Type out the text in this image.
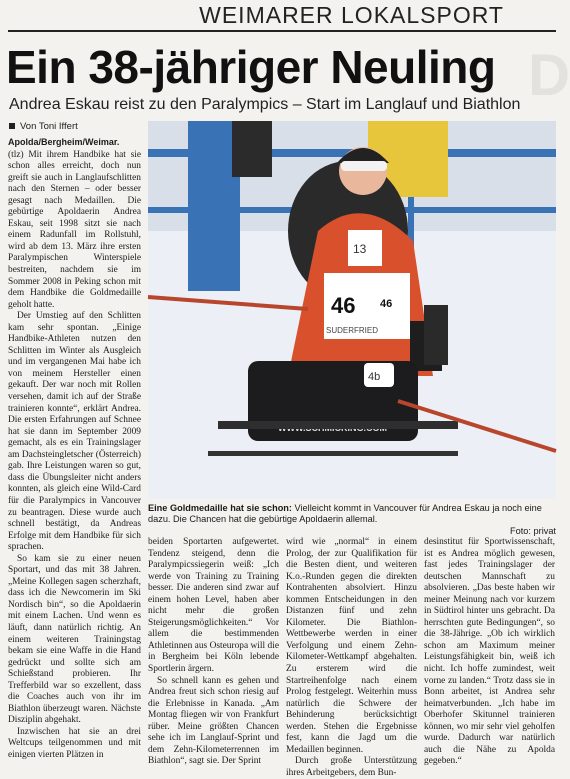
WEIMARER LOKALSPORT
D
Ein 38-jähriger Neuling
Andrea Eskau reist zu den Paralympics – Start im Langlauf und Biathlon
Von Toni Iffert

Apolda/Bergheim/Weimar.

(tlz) Mit ihrem Handbike hat sie schon alles erreicht, doch nun greift sie auch in Langlaufschlitten nach den Sternen – oder besser gesagt nach Medaillen. Die gebürtige Apoldaerin Andrea Eskau, seit 1998 sitzt sie nach einem Radunfall im Rollstuhl, wird ab dem 13. März ihre ersten Paralympischen Winterspiele bestreiten, nachdem sie im Sommer 2008 in Peking schon mit dem Handbike die Goldmedaille geholt hatte.

Der Umstieg auf den Schlitten kam sehr spontan. „Einige Handbike-Athleten nutzen den Schlitten im Winter als Ausgleich und im vergangenen Mai habe ich von meinem Hersteller einen gekauft. Der war noch mit Rollen versehen, damit ich auf der Straße trainieren konnte“, erklärt Andrea. Die ersten Erfahrungen auf Schnee hat sie dann im September 2009 gemacht, als es ein Trainingslager am Dachsteingletscher (Österreich) gab. Ihre Leistungen waren so gut, dass die Übungsleiter nicht anders konnten, als gleich eine Wild-Card für die Paralympics in Vancouver zu beantragen. Diese wurde auch schnell bestätigt, da Andreas Erfolge mit dem Handbike für sich sprachen.

So kam sie zu einer neuen Sportart, und das mit 38 Jahren. „Meine Kollegen sagen scherzhaft, dass ich die Newcomerin im Ski Nordisch bin“, so die Apoldaerin mit einem Lachen. Und wenn es läuft, dann natürlich richtig. An einem weiteren Trainingstag bekam sie eine Waffe in die Hand gedrückt und sollte sich am Schießstand probieren. Ihr Trefferbild war so exzellent, dass die Coaches auch von ihr im Biathlon überzeugt waren. Nächste Disziplin abgehakt.

Inzwischen hat sie an drei Weltcups teilgenommen und mit einigen vierten Plätzen in

13
46 46
SUDERFRIED
4b
Eine Goldmedaille hat sie schon: Vielleicht kommt in Vancouver für Andrea Eskau ja noch eine dazu. Die Chancen hat die gebürtige Apoldaerin allemal.
Foto: privat

beiden Sportarten aufgewertet. Tendenz steigend, denn die Paralympicssiegerin weiß: „Ich werde von Training zu Training besser. Die anderen sind zwar auf einem hohen Level, haben aber nicht mehr die großen Steigerungsmöglichkeiten.“ Vor allem die bestimmenden Athletinnen aus Osteuropa will die in Bergheim bei Köln lebende Sportlerin ärgern.

So schnell kann es gehen und Andrea freut sich schon riesig auf die Erlebnisse in Kanada. „Am Montag fliegen wir von Frankfurt rüber. Meine größten Chancen sehe ich im Langlauf-Sprint und dem Zehn-Kilometerrennen im Biathlon“, sagt sie. Der Sprint

wird wie „normal“ in einem Prolog, der zur Qualifikation für die Besten dient, und weiteren K.o.-Runden gegen die direkten Kontrahenten absolviert. Hinzu kommen Entscheidungen in den Distanzen fünf und zehn Kilometer. Die Biathlon-Wettbewerbe werden in einer Verfolgung und einem Zehn-Kilometer-Wettkampf abgehalten. Zu ersterem wird die Startreihenfolge nach einem Prolog festgelegt. Weiterhin muss natürlich die Schwere der Behinderung berücksichtigt werden. Stehen die Ergebnisse fest, kann die Jagd um die Medaillen beginnen.

Durch große Unterstützung ihres Arbeitgebers, dem Bun-

desinstitut für Sportwissenschaft, ist es Andrea möglich gewesen, fast jedes Trainingslager der deutschen Mannschaft zu absolvieren. „Das beste haben wir meiner Meinung nach vor kurzem in Südtirol hinter uns gebracht. Da herrschten gute Bedingungen“, so die 38-Jährige. „Ob ich wirklich schon am Maximum meiner Leistungsfähigkeit bin, weiß ich nicht. Ich hoffe zumindest, weit vorne zu landen.“ Trotz dass sie in Bonn arbeitet, ist Andrea sehr heimatverbunden. „Ich habe im Oberhofer Skitunnel trainieren können, wo mir sehr viel geholfen wurde. Dadurch war natürlich auch die Nähe zu Apolda gegeben.“
